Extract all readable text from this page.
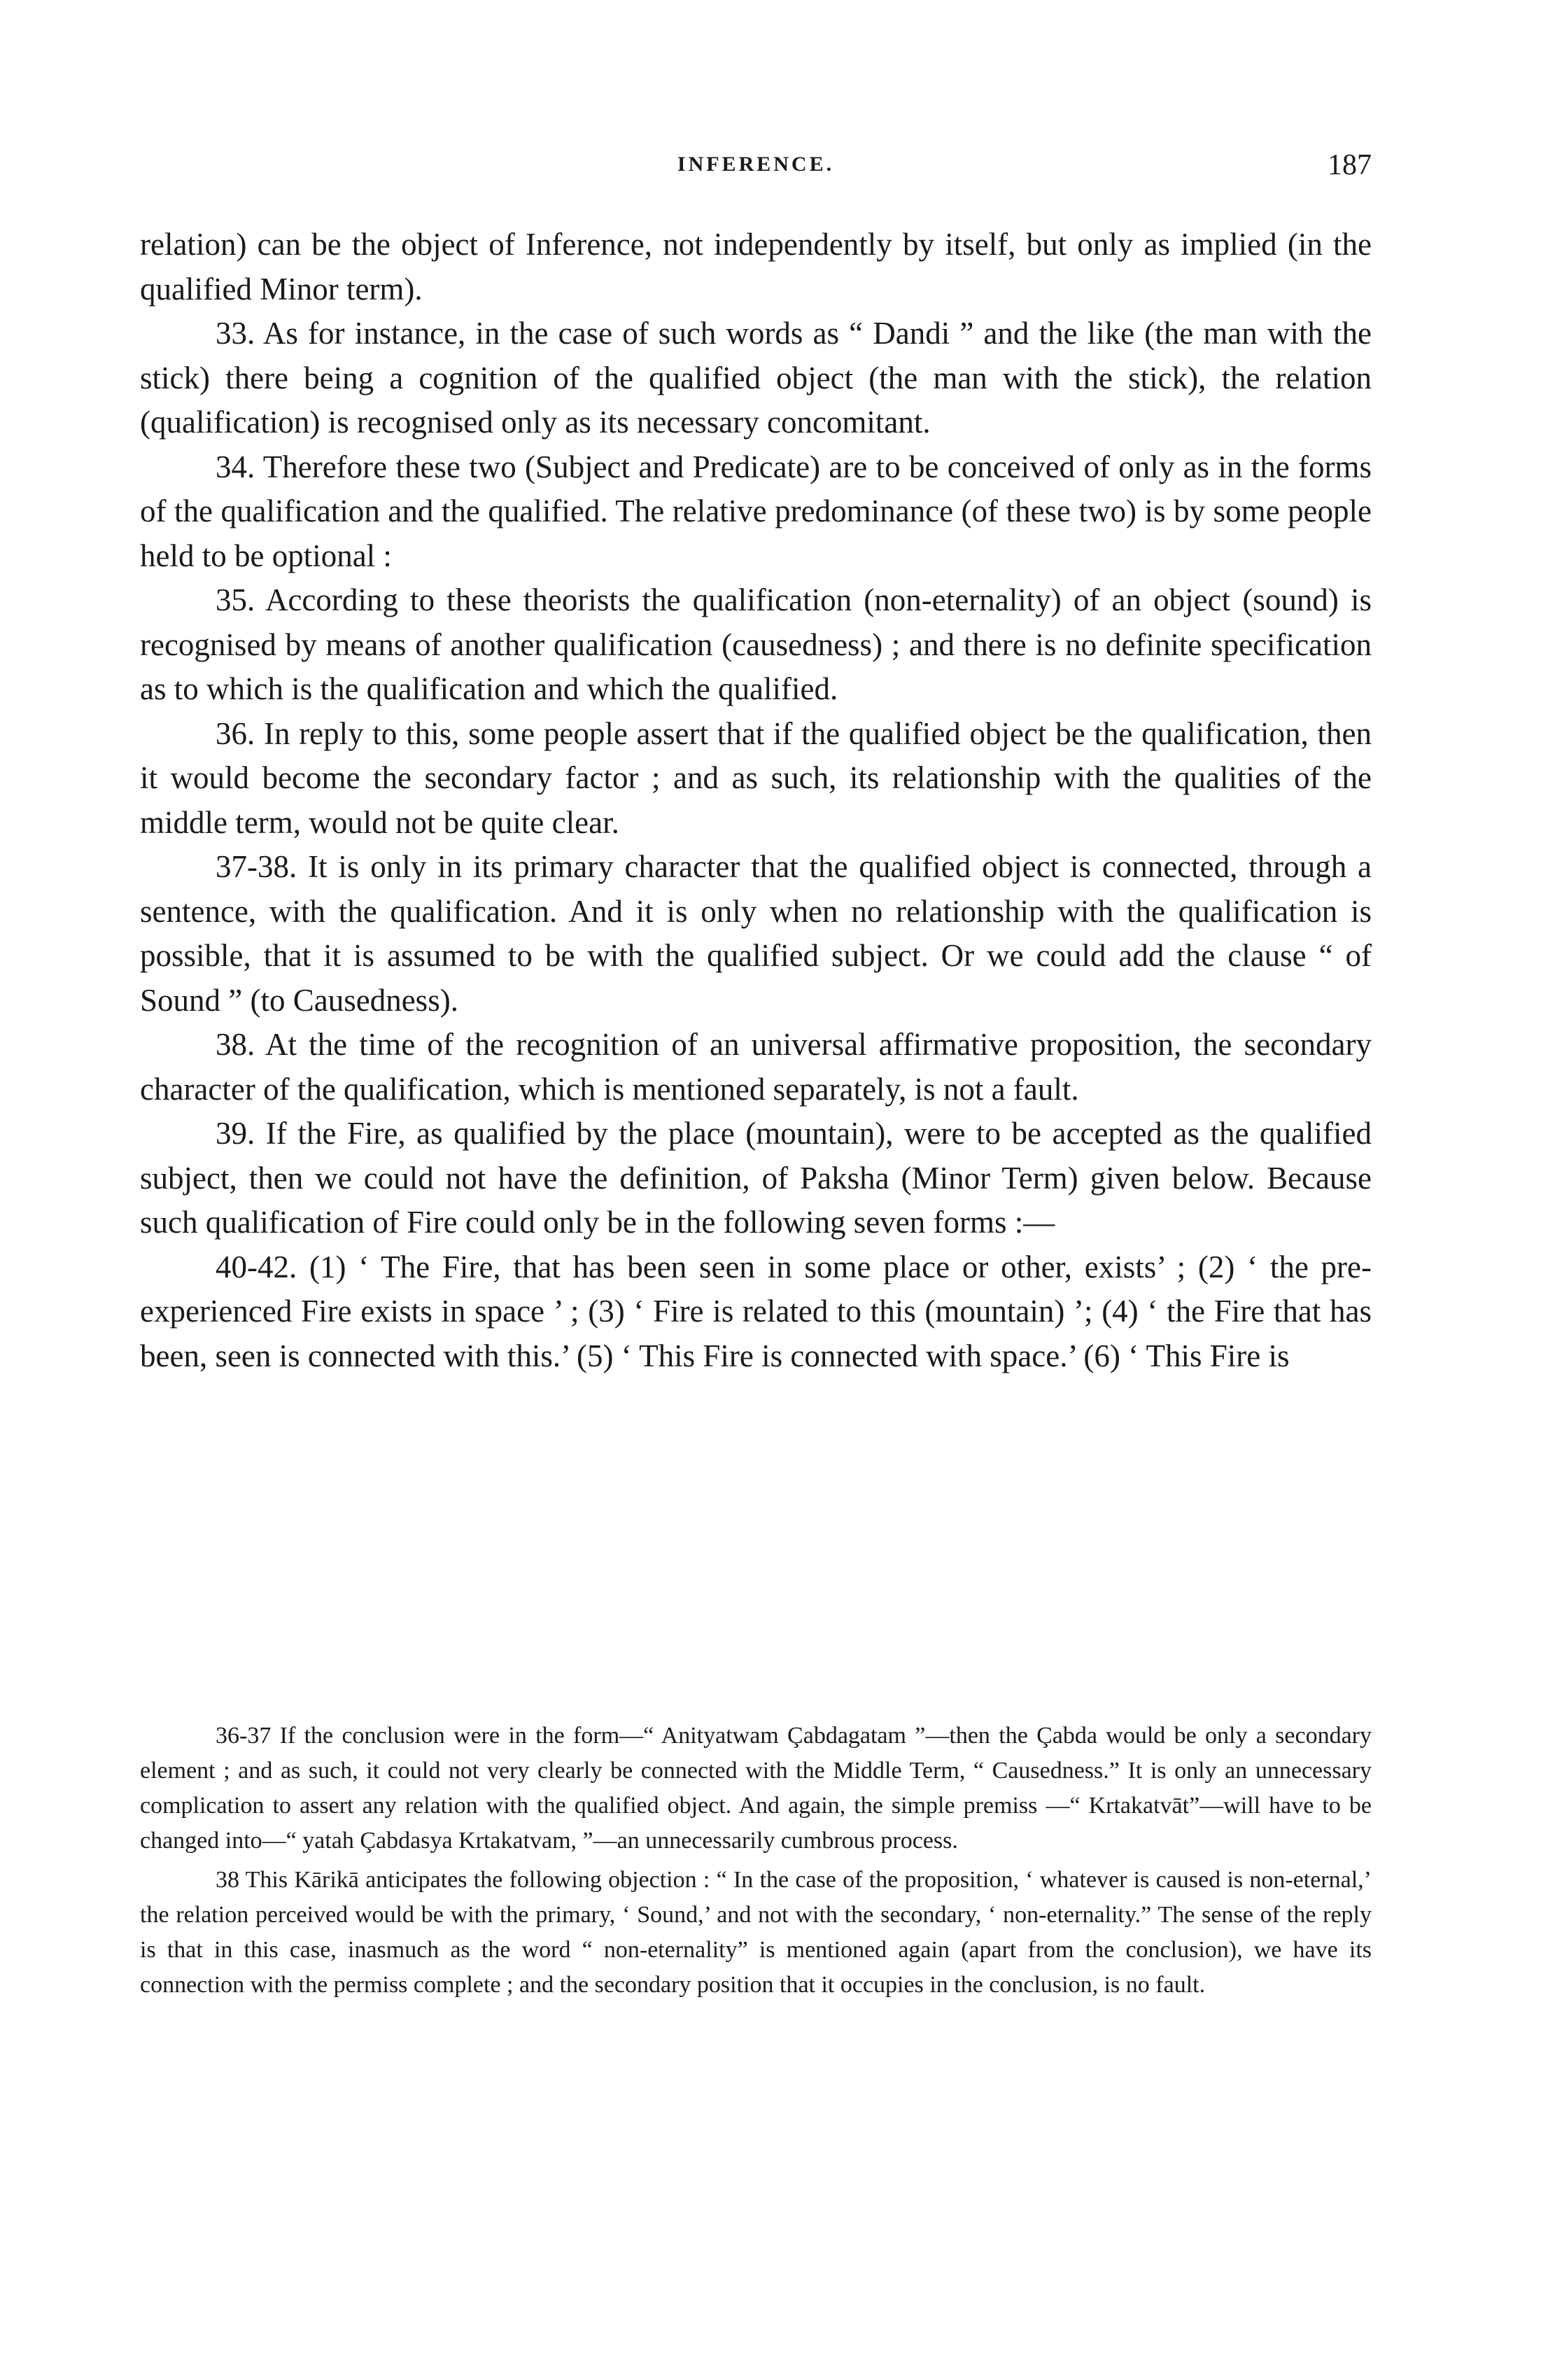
INFERENCE.	187

relation) can be the object of Inference, not independently by itself, but only as implied (in the qualified Minor term).

33. As for instance, in the case of such words as “ Dandi ” and the like (the man with the stick) there being a cognition of the qualified object (the man with the stick), the relation (qualification) is recognised only as its necessary concomitant.

34. Therefore these two (Subject and Predicate) are to be conceived of only as in the forms of the qualification and the qualified. The relative predominance (of these two) is by some people held to be optional :

35. According to these theorists the qualification (non-eternality) of an object (sound) is recognised by means of another qualification (causedness) ; and there is no definite specification as to which is the qualification and which the qualified.

36. In reply to this, some people assert that if the qualified object be the qualification, then it would become the secondary factor ; and as such, its relationship with the qualities of the middle term, would not be quite clear.

37-38. It is only in its primary character that the qualified object is connected, through a sentence, with the qualification. And it is only when no relationship with the qualification is possible, that it is assumed to be with the qualified subject. Or we could add the clause “ of Sound ” (to Causedness).

38. At the time of the recognition of an universal affirmative proposition, the secondary character of the qualification, which is mentioned separately, is not a fault.

39. If the Fire, as qualified by the place (mountain), were to be accepted as the qualified subject, then we could not have the definition, of Paksha (Minor Term) given below. Because such qualification of Fire could only be in the following seven forms :—

40-42. (1) ‘ The Fire, that has been seen in some place or other, exists’ ; (2) ‘ the pre-experienced Fire exists in space ’ ; (3) ‘ Fire is related to this (mountain) ’; (4) ‘ the Fire that has been, seen is connected with this.’ (5) ‘ This Fire is connected with space.’ (6) ‘ This Fire is

36-37 If the conclusion were in the form—“ Anityatwam Çabdagatam ”—then the Çabda would be only a secondary element ; and as such, it could not very clearly be connected with the Middle Term, “ Causedness.” It is only an unnecessary complication to assert any relation with the qualified object. And again, the simple premiss —“ Krtakatvāt”—will have to be changed into—“ yatah Çabdasya Krtakatvam, ”—an unnecessarily cumbrous process.

38 This Kārikā anticipates the following objection : “ In the case of the proposition, ‘ whatever is caused is non-eternal,’ the relation perceived would be with the primary, ‘ Sound,’ and not with the secondary, ‘ non-eternality.” The sense of the reply is that in this case, inasmuch as the word “ non-eternality” is mentioned again (apart from the conclusion), we have its connection with the permiss complete ; and the secondary position that it occupies in the conclusion, is no fault.
